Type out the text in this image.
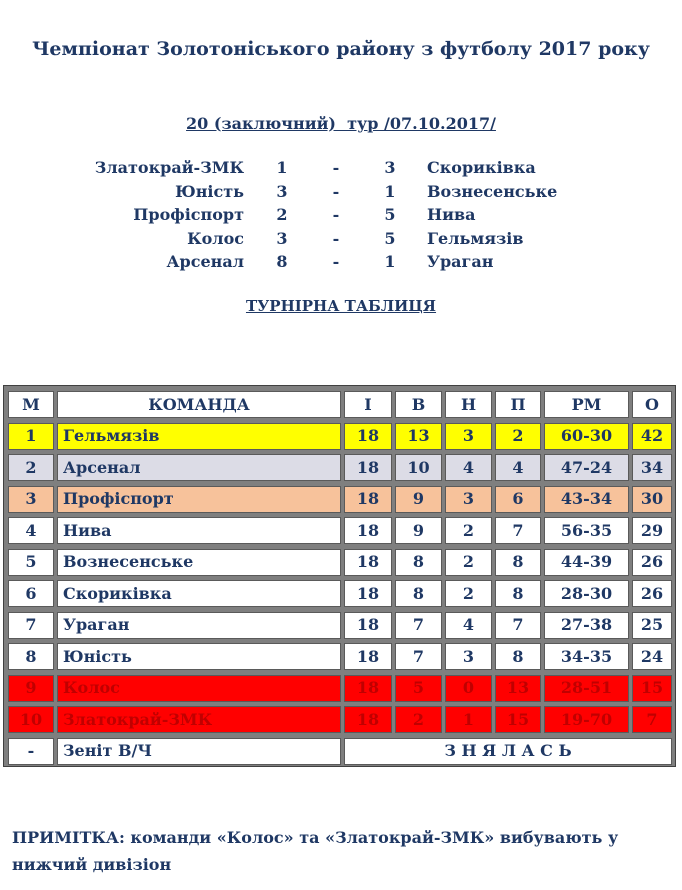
Чемпіонат Золотоніського району з футболу 2017 року
20 (заключний)  тур /07.10.2017/
Златокрай-ЗМК 1	-	3 Скориківка
Юність 3	-	1 Вознесенське
Профіспорт 2	-	5 Нива
Колос 3	-	5 Гельмязів
Арсенал 8	-	1 Ураган
ТУРНІРНА ТАБЛИЦЯ
М	КОМАНДА	І	В	Н	П	РМ	О
1	Гельмязів	18	13	3	2	60-30	42
2	Арсенал	18	10	4	4	47-24	34
3	Профіспорт	18	9	3	6	43-34	30
4	Нива	18	9	2	7	56-35	29
5	Вознесенське	18	8	2	8	44-39	26
6	Скориківка	18	8	2	8	28-30	26
7	Ураган	18	7	4	7	27-38	25
8	Юність	18	7	3	8	34-35	24
9	Колос	18	5	0	13	28-51	15
10	Златокрай-ЗМК	18	2	1	15	19-70	7
-	Зеніт В/Ч	З Н Я Л А С Ь
ПРИМІТКА: команди «Колос» та «Златокрай-ЗМК» вибувають у нижчий дивізіон
